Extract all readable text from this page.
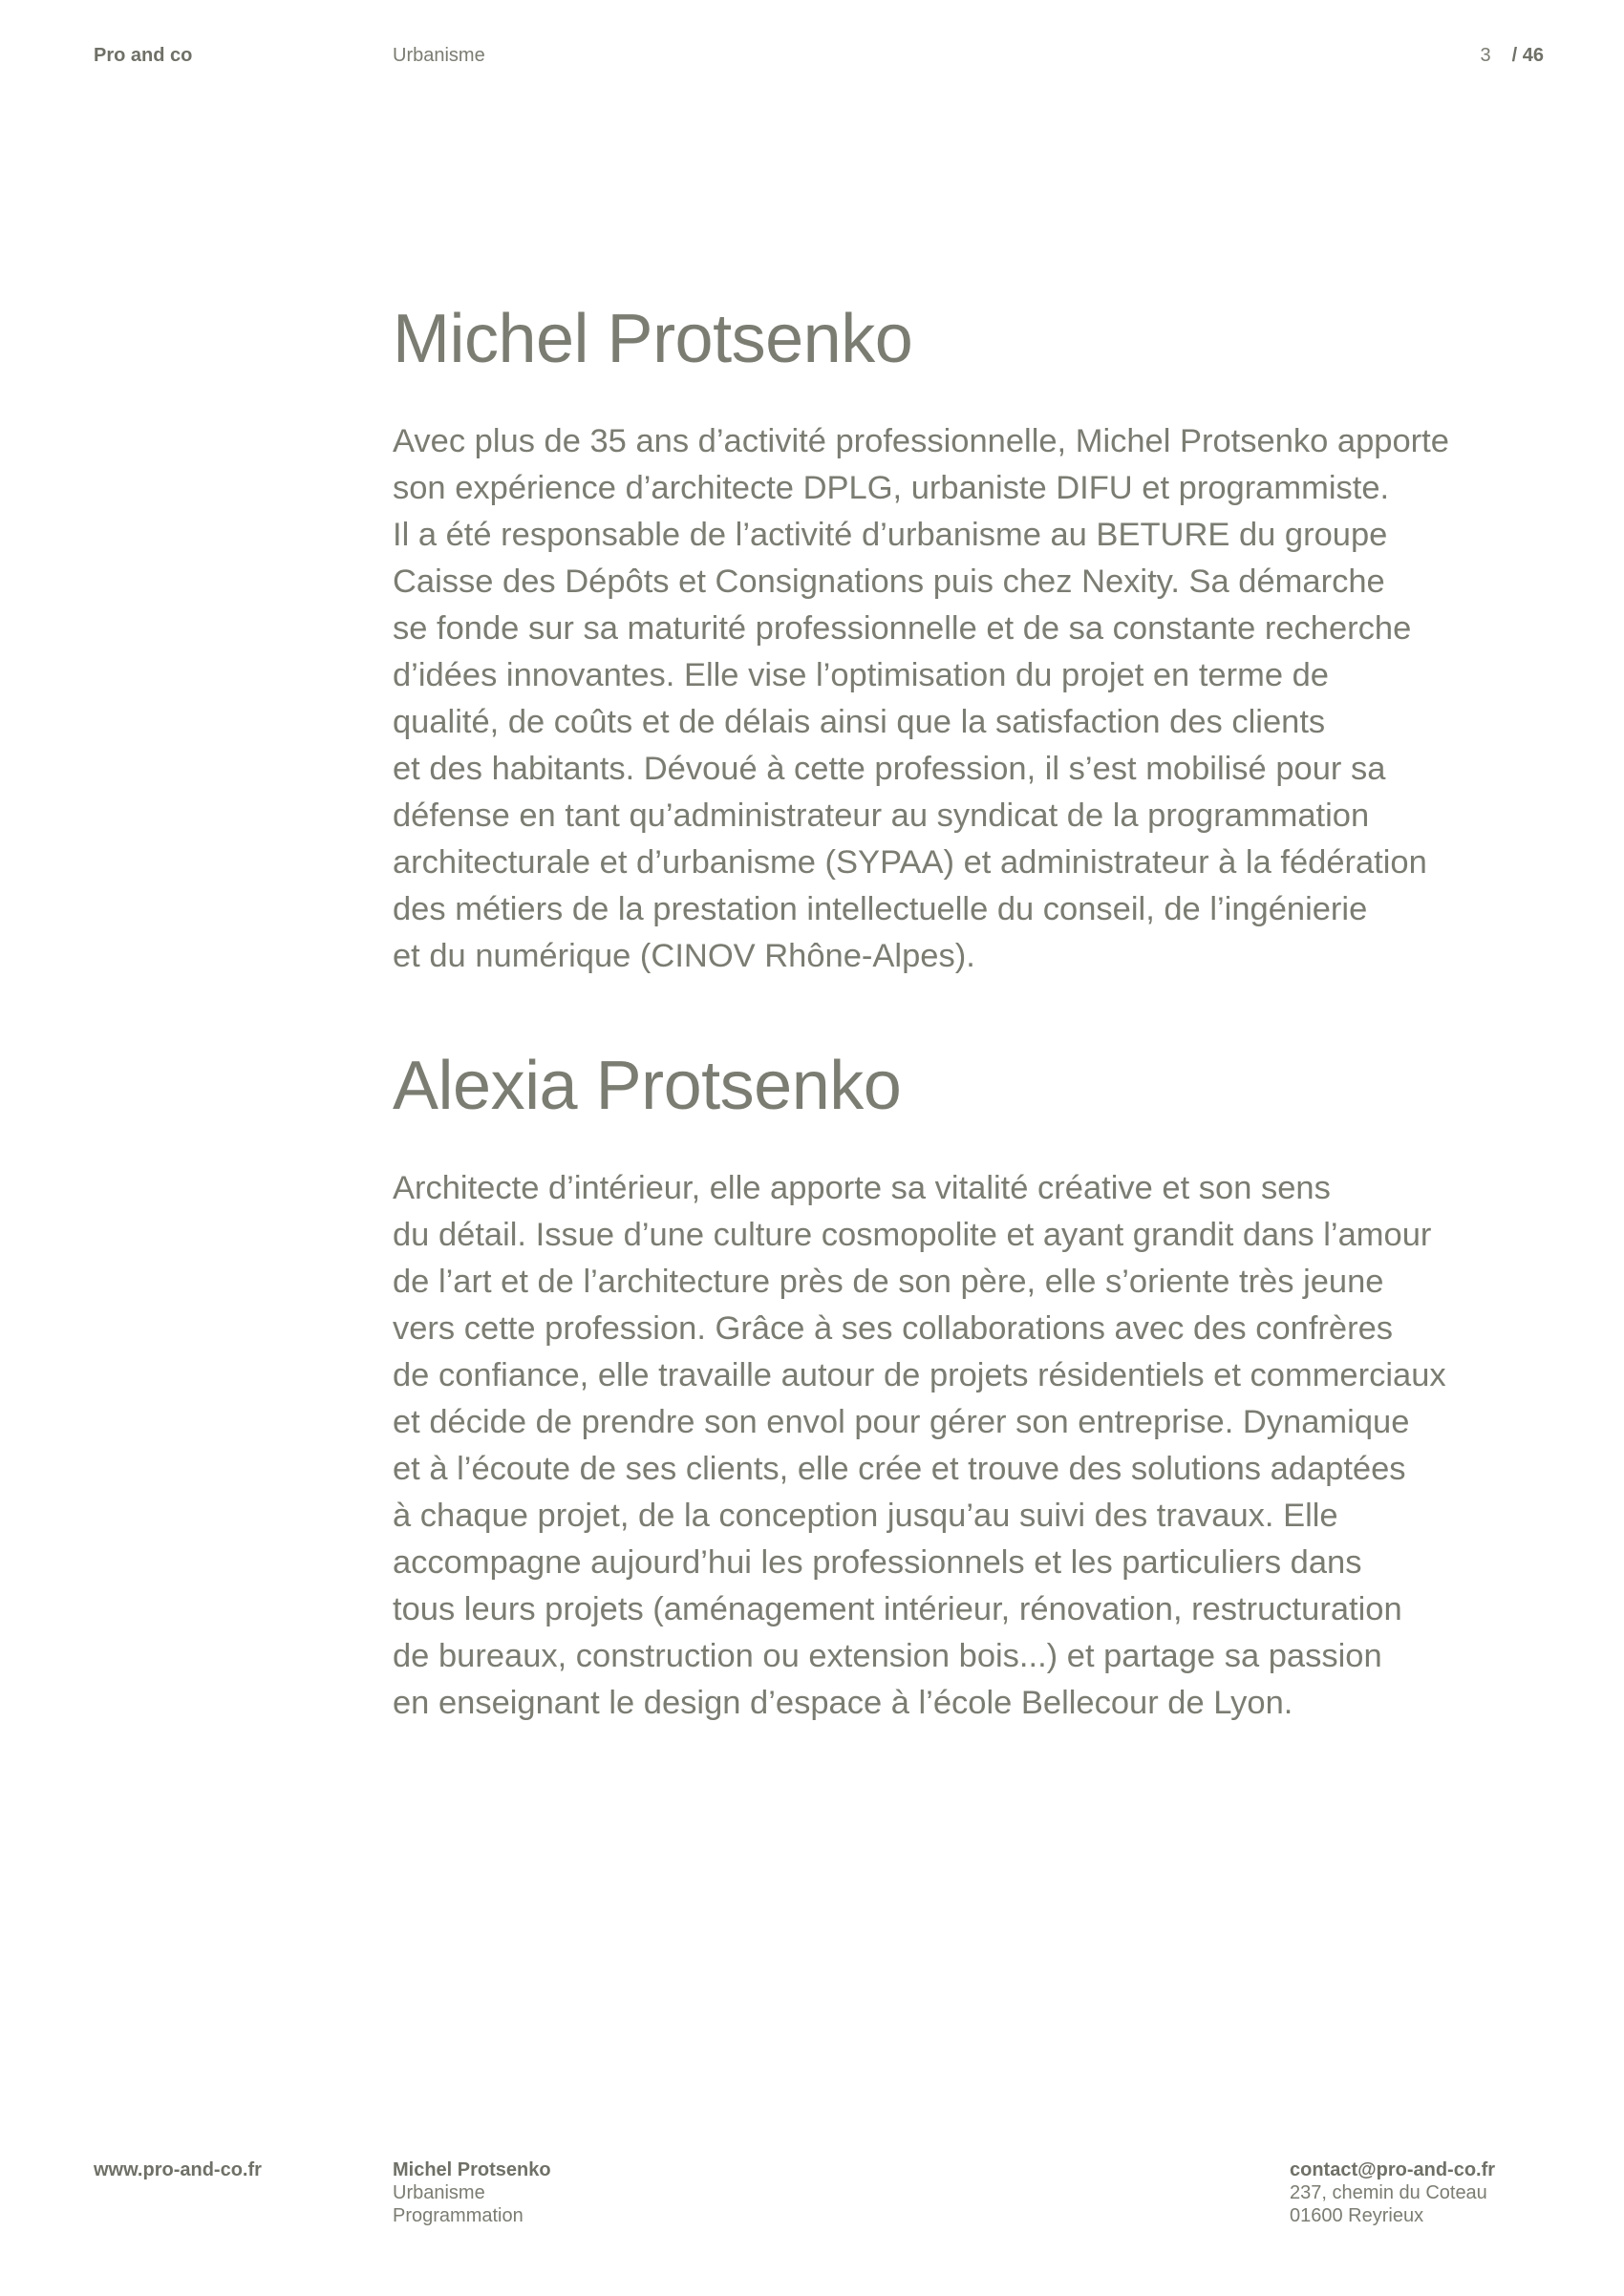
Pro and co	Urbanisme	3 / 46
Michel Protsenko

Avec plus de 35 ans d’activité professionnelle, Michel Protsenko apporte
son expérience d’architecte DPLG, urbaniste DIFU et programmiste.
Il a été responsable de l’activité d’urbanisme au BETURE du groupe
Caisse des Dépôts et Consignations puis chez Nexity. Sa démarche
se fonde sur sa maturité professionnelle et de sa constante recherche
d’idées innovantes. Elle vise l’optimisation du projet en terme de
qualité, de coûts et de délais ainsi que la satisfaction des clients
et des habitants. Dévoué à cette profession, il s’est mobilisé pour sa
défense en tant qu’administrateur au syndicat de la programmation
architecturale et d’urbanisme (SYPAA) et administrateur à la fédération
des métiers de la prestation intellectuelle du conseil, de l’ingénierie
et du numérique (CINOV Rhône-Alpes).

Alexia Protsenko

Architecte d’intérieur, elle apporte sa vitalité créative et son sens
du détail. Issue d’une culture cosmopolite et ayant grandit dans l’amour
de l’art et de l’architecture près de son père, elle s’oriente très jeune
vers cette profession. Grâce à ses collaborations avec des confrères
de confiance, elle travaille autour de projets résidentiels et commerciaux
et décide de prendre son envol pour gérer son entreprise. Dynamique
et à l’écoute de ses clients, elle crée et trouve des solutions adaptées
à chaque projet, de la conception jusqu’au suivi des travaux. Elle
accompagne aujourd’hui les professionnels et les particuliers dans
tous leurs projets (aménagement intérieur, rénovation, restructuration
de bureaux, construction ou extension bois...) et partage sa passion
en enseignant le design d’espace à l’école Bellecour de Lyon.

www.pro-and-co.fr	Michel Protsenko
Urbanisme
Programmation
contact@pro-and-co.fr
237, chemin du Coteau
01600 Reyrieux
